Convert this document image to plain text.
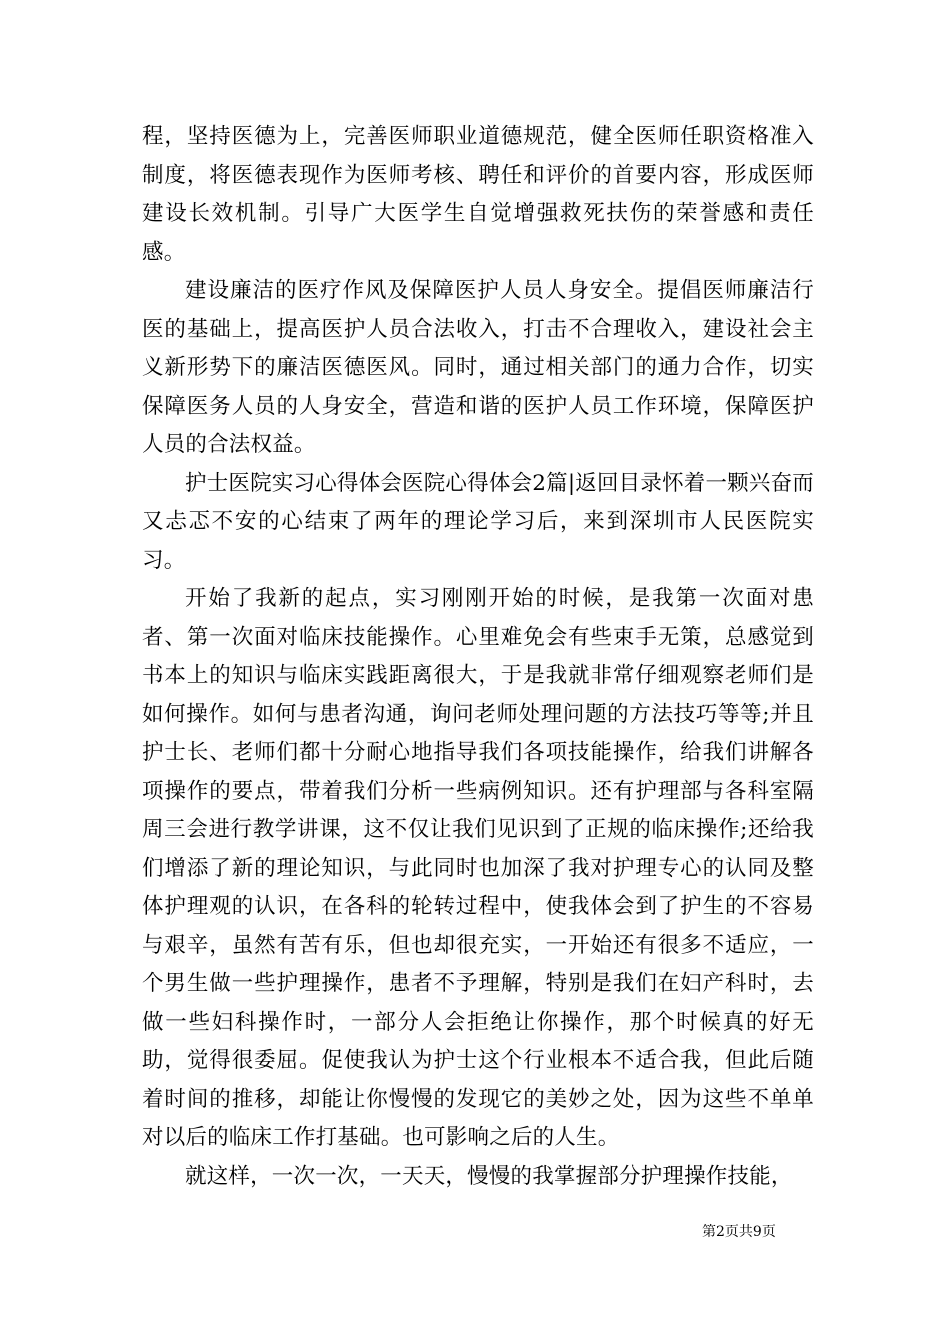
程，坚持医德为上，完善医师职业道德规范，健全医师任职资格准入制度，将医德表现作为医师考核、聘任和评价的首要内容，形成医师建设长效机制。引导广大医学生自觉增强救死扶伤的荣誉感和责任感。

建设廉洁的医疗作风及保障医护人员人身安全。提倡医师廉洁行医的基础上，提高医护人员合法收入，打击不合理收入，建设社会主义新形势下的廉洁医德医风。同时，通过相关部门的通力合作，切实保障医务人员的人身安全，营造和谐的医护人员工作环境，保障医护人员的合法权益。

护士医院实习心得体会医院心得体会2篇|返回目录怀着一颗兴奋而又忐忑不安的心结束了两年的理论学习后，来到深圳市人民医院实习。

开始了我新的起点，实习刚刚开始的时候，是我第一次面对患者、第一次面对临床技能操作。心里难免会有些束手无策，总感觉到书本上的知识与临床实践距离很大，于是我就非常仔细观察老师们是如何操作。如何与患者沟通，询问老师处理问题的方法技巧等等;并且护士长、老师们都十分耐心地指导我们各项技能操作，给我们讲解各项操作的要点，带着我们分析一些病例知识。还有护理部与各科室隔周三会进行教学讲课，这不仅让我们见识到了正规的临床操作;还给我们增添了新的理论知识，与此同时也加深了我对护理专心的认同及整体护理观的认识，在各科的轮转过程中，使我体会到了护生的不容易与艰辛，虽然有苦有乐，但也却很充实，一开始还有很多不适应，一个男生做一些护理操作，患者不予理解，特别是我们在妇产科时，去做一些妇科操作时，一部分人会拒绝让你操作，那个时候真的好无助，觉得很委屈。促使我认为护士这个行业根本不适合我，但此后随着时间的推移，却能让你慢慢的发现它的美妙之处，因为这些不单单对以后的临床工作打基础。也可影响之后的人生。

就这样，一次一次，一天天，慢慢的我掌握部分护理操作技能，

第2页共9页
